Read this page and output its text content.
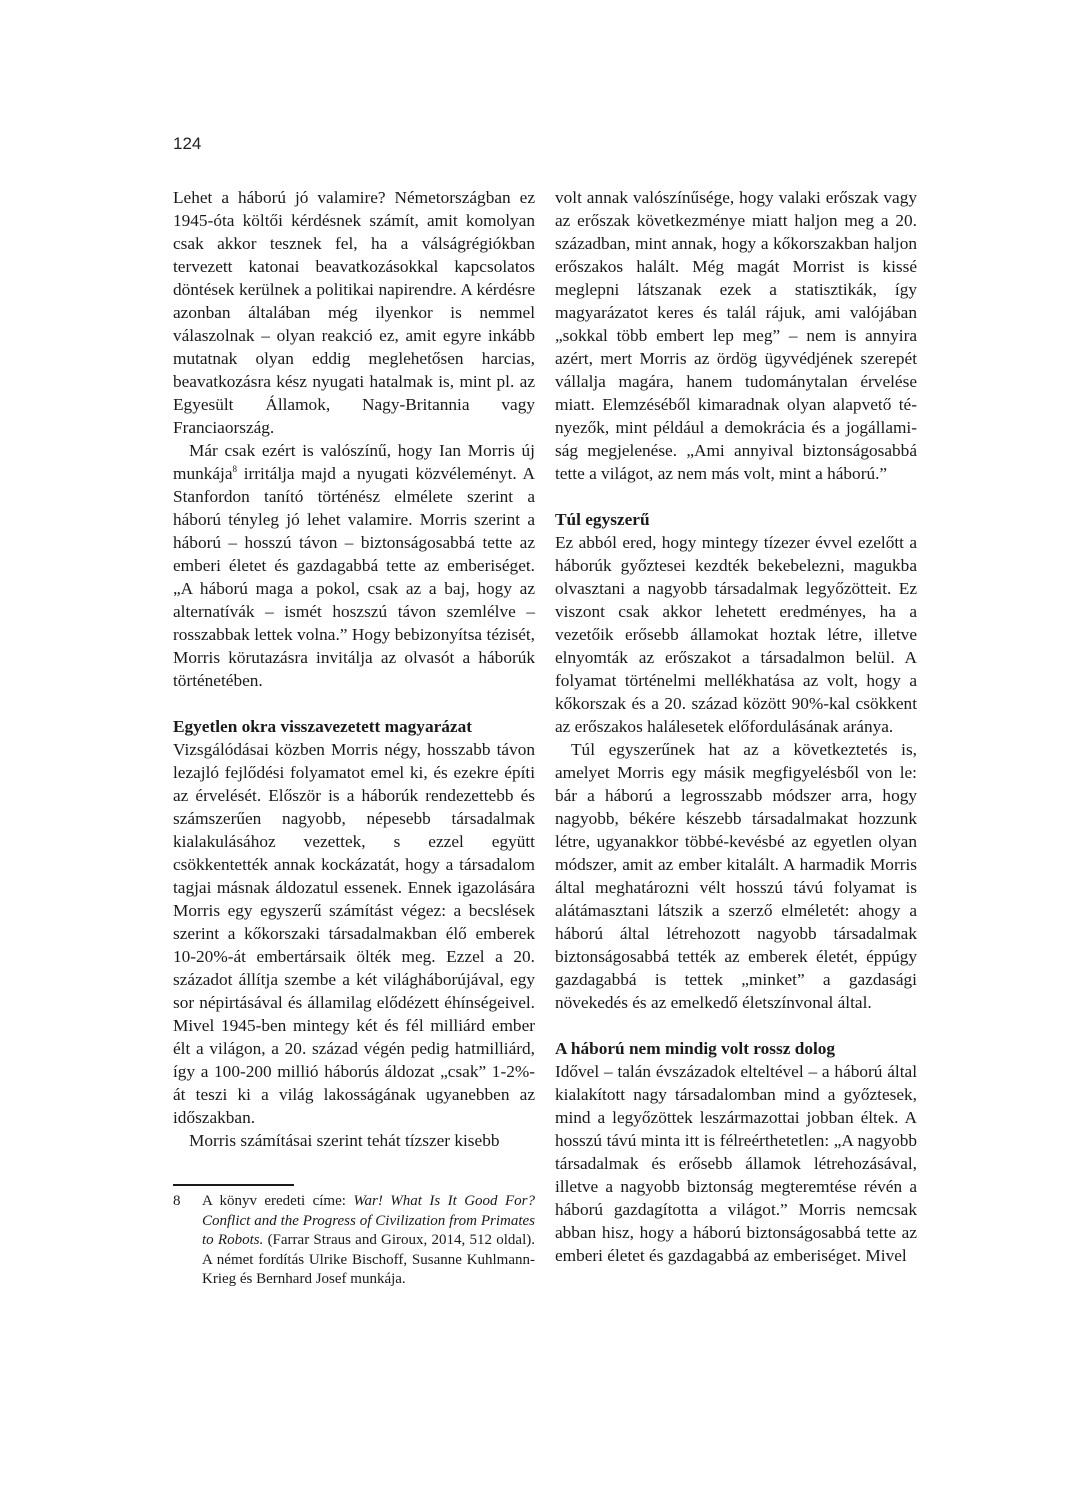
124

Lehet a háború jó valamire? Németországban ez 1945-óta költői kérdésnek számít, amit komolyan csak akkor tesznek fel, ha a válságrégiókban tervezett katonai beavatkozásokkal kapcsolatos döntések kerülnek a politikai napirendre. A kérdésre azonban általában még ilyenkor is nemmel válaszolnak – olyan reakció ez, amit egyre inkább mutatnak olyan eddig meglehetősen harcias, beavatkozásra kész nyugati hatalmak is, mint pl. az Egyesült Államok, Nagy-Britannia vagy Franciaország.

Már csak ezért is valószínű, hogy Ian Morris új munkája$^8$ irritálja majd a nyugati közvéleményt. A Stanfordon tanító történész elmélete szerint a háború tényleg jó lehet valamire. Morris szerint a háború – hosszú távon – biztonságosabbá tette az emberi életet és gazdagabbá tette az emberiséget. „A háború maga a pokol, csak az a baj, hogy az alternatívák – ismét hoszszú távon szemlélve – rosszabbak lettek volna.” Hogy bebizonyítsa tézisét, Morris körutazásra invitálja az olvasót a háborúk történetében.

Egyetlen okra visszavezetett magyarázat

Vizsgálódásai közben Morris négy, hosszabb távon lezajló fejlődési folyamatot emel ki, és ezekre építi az érvelését. Először is a háborúk rendezettebb és számszerűen nagyobb, népesebb társadalmak kialakulásához vezettek, s ezzel együtt csökkentették annak kockázatát, hogy a társadalom tagjai másnak áldozatul essenek. Ennek igazolására Morris egy egyszerű számítást végez: a becslések szerint a kőkorszaki társadalmakban élő emberek 10-20%-át embertársaik ölték meg. Ezzel a 20. századot állítja szembe a két világháborújával, egy sor népirtásával és államilag elődézett éhínségeivel. Mivel 1945-ben mintegy két és fél milliárd ember élt a világon, a 20. század végén pedig hatmilliárd, így a 100-200 millió háborús áldozat „csak” 1-2%-át teszi ki a világ lakosságának ugyanebben az időszakban.

Morris számításai szerint tehát tízszer kisebb

volt annak valószínűsége, hogy valaki erőszak vagy az erőszak következménye miatt haljon meg a 20. században, mint annak, hogy a kőkorszakban haljon erőszakos halált. Még magát Morrist is kissé meglepni látszanak ezek a statisztikák, így magyarázatot keres és talál rájuk, ami valójában „sokkal több embert lep meg” – nem is annyira azért, mert Morris az ördög ügyvédjének szerepét vállalja magára, hanem tudománytalan érvelése miatt. Elemzéséből kimaradnak olyan alapvető tényezők, mint például a demokrácia és a jogállamiság megjelenése. „Ami annyival biztonságosabbá tette a világot, az nem más volt, mint a háború.”

Túl egyszerű

Ez abból ered, hogy mintegy tízezer évvel ezelőtt a háborúk győztesei kezdték bekebelezni, magukba olvasztani a nagyobb társadalmak legyőzötteit. Ez viszont csak akkor lehetett eredményes, ha a vezetőik erősebb államokat hoztak létre, illetve elnyomták az erőszakot a társadalmon belül. A folyamat történelmi mellékhatása az volt, hogy a kőkorszak és a 20. század között 90%-kal csökkent az erőszakos halálesetek előfordulásának aránya.

Túl egyszerűnek hat az a következtetés is, amelyet Morris egy másik megfigyelésből von le: bár a háború a legrosszabb módszer arra, hogy nagyobb, békére készebb társadalmakat hozzunk létre, ugyanakkor többé-kevésbé az egyetlen olyan módszer, amit az ember kitalált. A harmadik Morris által meghatározni vélt hosszú távú folyamat is alátámasztani látszik a szerző elméletét: ahogy a háború által létrehozott nagyobb társadalmak biztonságosabbá tették az emberek életét, éppúgy gazdagabbá is tettek „minket” a gazdasági növekedés és az emelkedő életszínvonal által.

A háború nem mindig volt rossz dolog

Idővel – talán évszázadok elteltével – a háború által kialakított nagy társadalomban mind a győztesek, mind a legyőzöttek leszármazottai jobban éltek. A hosszú távú minta itt is félreérthetetlen: „A nagyobb társadalmak és erősebb államok létrehozásával, illetve a nagyobb biztonság megteremtése révén a háború gazdagította a világot.” Morris nemcsak abban hisz, hogy a háború biztonságosabbá tette az emberi életet és gazdagabbá az emberiséget. Mivel

8	A könyv eredeti címe: War! What Is It Good For? Conflict and the Progress of Civilization from Primates to Robots. (Farrar Straus and Giroux, 2014, 512 oldal). A német fordítás Ulrike Bischoff, Susanne Kuhlmann-Krieg és Bernhard Josef munkája.
